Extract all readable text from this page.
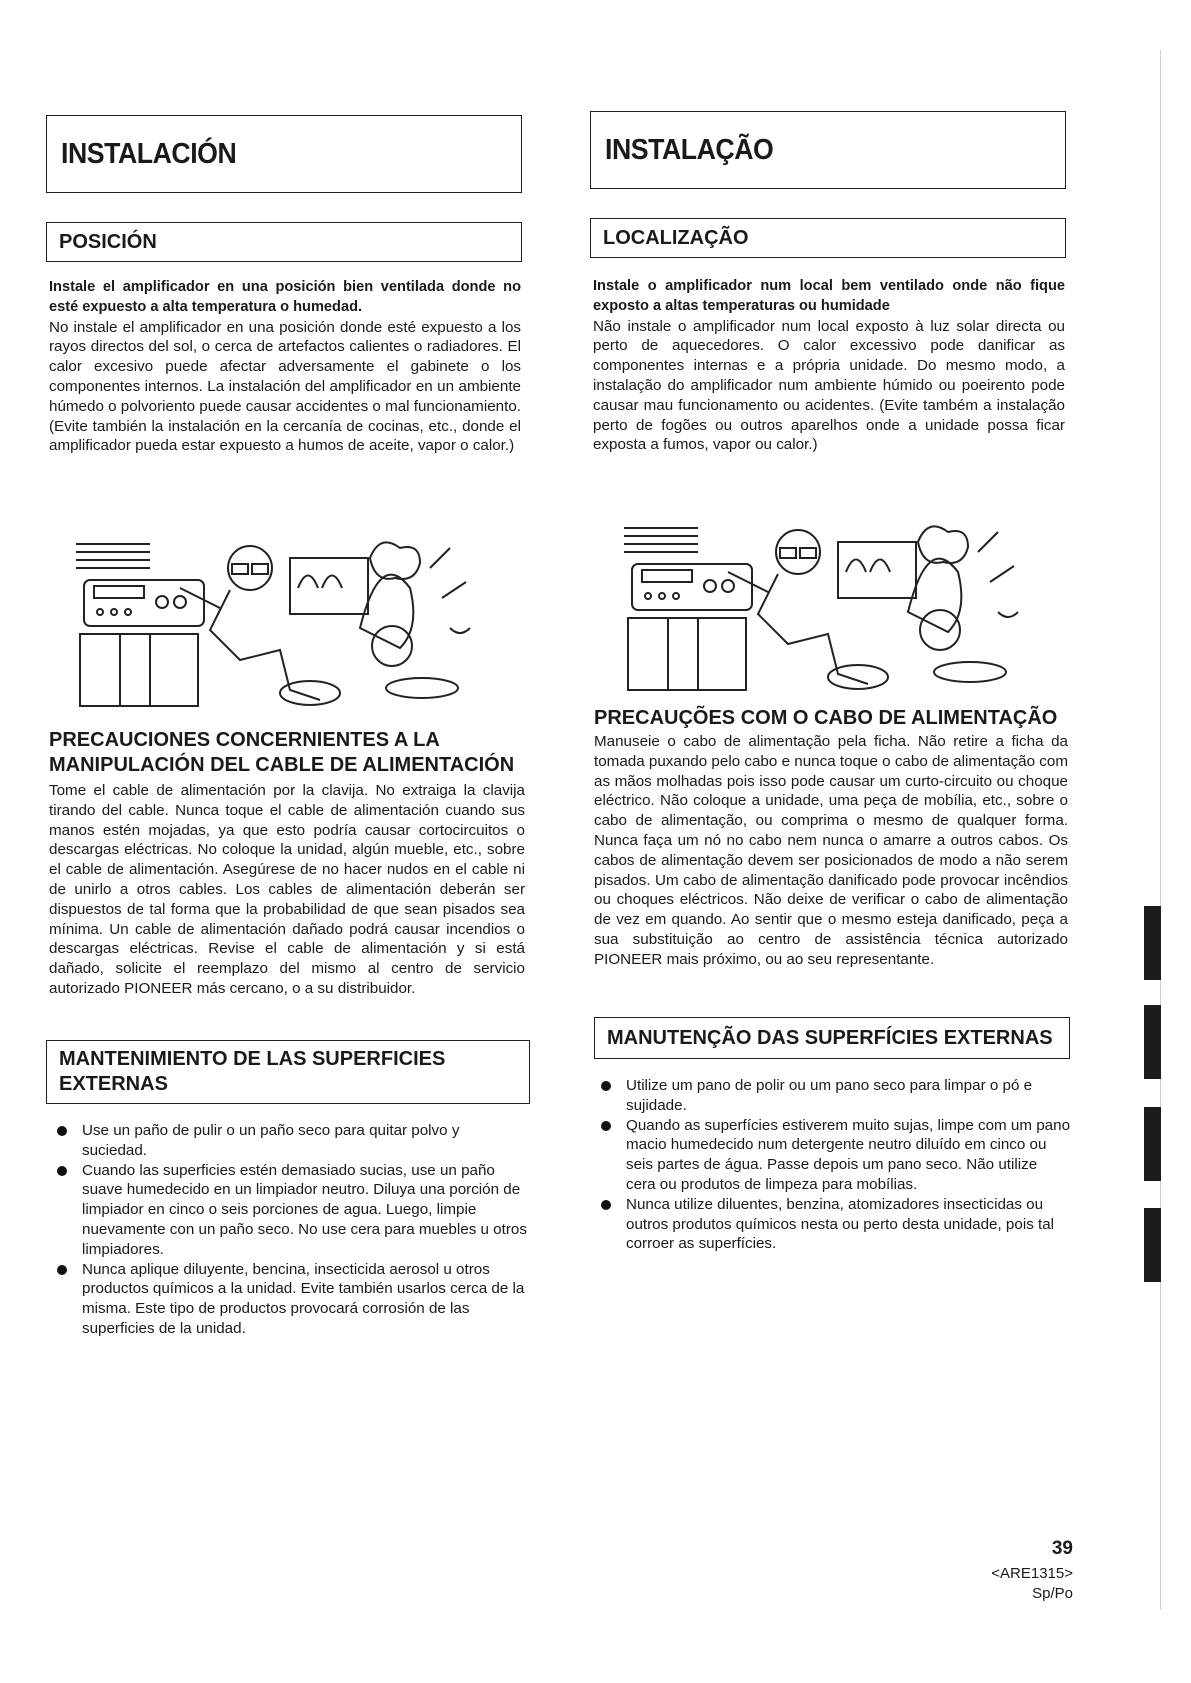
INSTALACIÓN
POSICIÓN
Instale el amplificador en una posición bien ventilada donde no esté expuesto a alta temperatura o humedad.
No instale el amplificador en una posición donde esté expuesto a los rayos directos del sol, o cerca de artefactos calientes o radiadores. El calor excesivo puede afectar adversamente el gabinete o los componentes internos. La instalación del amplificador en un ambiente húmedo o polvoriento puede causar accidentes o mal funcionamiento. (Evite también la instalación en la cercanía de cocinas, etc., donde el amplificador pueda estar expuesto a humos de aceite, vapor o calor.)
PRECAUCIONES CONCERNIENTES A LA MANIPULACIÓN DEL CABLE DE ALIMENTACIÓN
Tome el cable de alimentación por la clavija. No extraiga la clavija tirando del cable. Nunca toque el cable de alimentación cuando sus manos estén mojadas, ya que esto podría causar cortocircuitos o descargas eléctricas. No coloque la unidad, algún mueble, etc., sobre el cable de alimentación. Asegúrese de no hacer nudos en el cable ni de unirlo a otros cables. Los cables de alimentación deberán ser dispuestos de tal forma que la probabilidad de que sean pisados sea mínima. Un cable de alimentación dañado podrá causar incendios o descargas eléctricas. Revise el cable de alimentación y si está dañado, solicite el reemplazo del mismo al centro de servicio autorizado PIONEER más cercano, o a su distribuidor.
MANTENIMIENTO DE LAS SUPERFICIES EXTERNAS
Use un paño de pulir o un paño seco para quitar polvo y suciedad.
Cuando las superficies estén demasiado sucias, use un paño suave humedecido en un limpiador neutro. Diluya una porción de limpiador en cinco o seis porciones de agua. Luego, limpie nuevamente con un paño seco. No use cera para muebles u otros limpiadores.
Nunca aplique diluyente, bencina, insecticida aerosol u otros productos químicos a la unidad. Evite también usarlos cerca de la misma. Este tipo de productos provocará corrosión de las superficies de la unidad.
INSTALAÇÃO
LOCALIZAÇÃO
Instale o amplificador num local bem ventilado onde não fique exposto a altas temperaturas ou humidade
Não instale o amplificador num local exposto à luz solar directa ou perto de aquecedores. O calor excessivo pode danificar as componentes internas e a própria unidade. Do mesmo modo, a instalação do amplificador num ambiente húmido ou poeirento pode causar mau funcionamento ou acidentes. (Evite também a instalação perto de fogões ou outros aparelhos onde a unidade possa ficar exposta a fumos, vapor ou calor.)
PRECAUÇÕES COM O CABO DE ALIMENTAÇÃO
Manuseie o cabo de alimentação pela ficha. Não retire a ficha da tomada puxando pelo cabo e nunca toque o cabo de alimentação com as mãos molhadas pois isso pode causar um curto-circuito ou choque eléctrico. Não coloque a unidade, uma peça de mobília, etc., sobre o cabo de alimentação, ou comprima o mesmo de qualquer forma. Nunca faça um nó no cabo nem nunca o amarre a outros cabos. Os cabos de alimentação devem ser posicionados de modo a não serem pisados. Um cabo de alimentação danificado pode provocar incêndios ou choques eléctricos. Não deixe de verificar o cabo de alimentação de vez em quando. Ao sentir que o mesmo esteja danificado, peça a sua substituição ao centro de assistência técnica autorizado PIONEER mais próximo, ou ao seu representante.
MANUTENÇÃO DAS SUPERFÍCIES EXTERNAS
Utilize um pano de polir ou um pano seco para limpar o pó e sujidade.
Quando as superfícies estiverem muito sujas, limpe com um pano macio humedecido num detergente neutro diluído em cinco ou seis partes de água. Passe depois um pano seco. Não utilize cera ou produtos de limpeza para mobílias.
Nunca utilize diluentes, benzina, atomizadores insecticidas ou outros produtos químicos nesta ou perto desta unidade, pois tal corroer as superfícies.
39
<ARE1315>
Sp/Po
